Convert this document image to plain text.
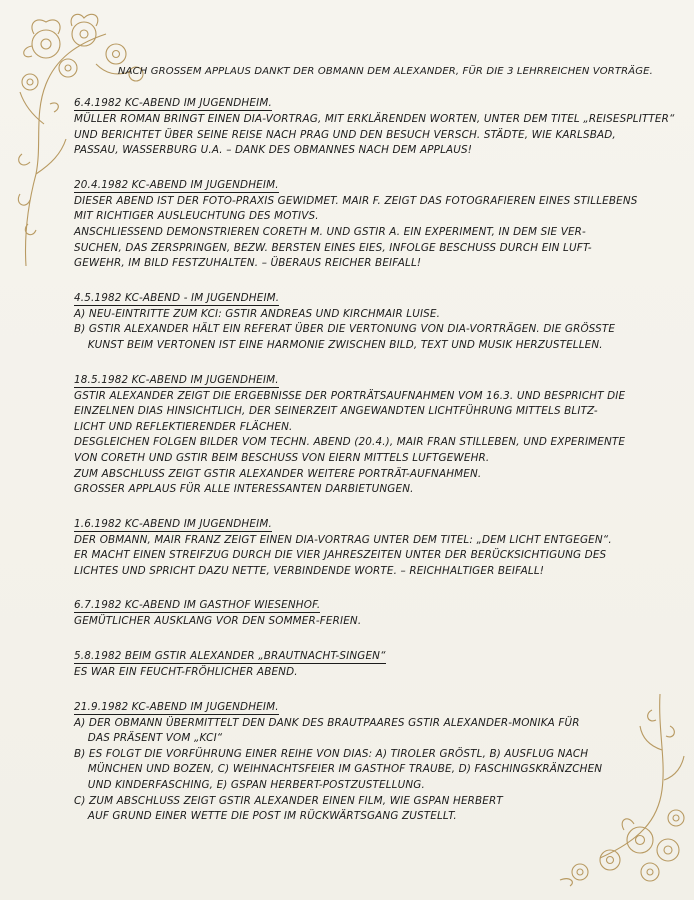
NACH GROSSEM APPLAUS DANKT DER OBMANN DEM ALEXANDER, FÜR DIE 3 LEHRREICHEN VORTRÄGE.
6.4.1982 KC-ABEND IM JUGENDHEIM.
MÜLLER ROMAN BRINGT EINEN DIA-VORTRAG, MIT ERKLÄRENDEN WORTEN, UNTER DEM TITEL „REISESPLITTER“
UND BERICHTET ÜBER SEINE REISE NACH PRAG UND DEN BESUCH VERSCH. STÄDTE, WIE KARLSBAD,
PASSAU, WASSERBURG U.A. – DANK DES OBMANNES NACH DEM APPLAUS!
20.4.1982 KC-ABEND IM JUGENDHEIM.
DIESER ABEND IST DER FOTO-PRAXIS GEWIDMET. MAIR F. ZEIGT DAS FOTOGRAFIEREN EINES STILLEBENS
MIT RICHTIGER AUSLEUCHTUNG DES MOTIVS.
ANSCHLIESSEND DEMONSTRIEREN CORETH M. UND GSTIR A. EIN EXPERIMENT, IN DEM SIE VER-
SUCHEN, DAS ZERSPRINGEN, BEZW. BERSTEN EINES EIES, INFOLGE BESCHUSS DURCH EIN LUFT-
GEWEHR, IM BILD FESTZUHALTEN. – ÜBERAUS REICHER BEIFALL!
4.5.1982 KC-ABEND - IM JUGENDHEIM.
A) NEU-EINTRITTE ZUM KCI: GSTIR ANDREAS UND KIRCHMAIR LUISE.
B) GSTIR ALEXANDER HÄLT EIN REFERAT ÜBER DIE VERTONUNG VON DIA-VORTRÄGEN. DIE GRÖSSTE
KUNST BEIM VERTONEN IST EINE HARMONIE ZWISCHEN BILD, TEXT UND MUSIK HERZUSTELLEN.
18.5.1982 KC-ABEND IM JUGENDHEIM.
GSTIR ALEXANDER ZEIGT DIE ERGEBNISSE DER PORTRÄTSAUFNAHMEN VOM 16.3. UND BESPRICHT DIE
EINZELNEN DIAS HINSICHTLICH, DER SEINERZEIT ANGEWANDTEN LICHTFÜHRUNG MITTELS BLITZ-
LICHT UND REFLEKTIERENDER FLÄCHEN.
DESGLEICHEN FOLGEN BILDER VOM TECHN. ABEND (20.4.), MAIR FRAN STILLEBEN, UND EXPERIMENTE
VON CORETH UND GSTIR BEIM BESCHUSS VON EIERN MITTELS LUFTGEWEHR.
ZUM ABSCHLUSS ZEIGT GSTIR ALEXANDER WEITERE PORTRÄT-AUFNAHMEN.
GROSSER APPLAUS FÜR ALLE INTERESSANTEN DARBIETUNGEN.
1.6.1982 KC-ABEND IM JUGENDHEIM.
DER OBMANN, MAIR FRANZ ZEIGT EINEN DIA-VORTRAG UNTER DEM TITEL: „DEM LICHT ENTGEGEN“.
ER MACHT EINEN STREIFZUG DURCH DIE VIER JAHRESZEITEN UNTER DER BERÜCKSICHTIGUNG DES
LICHTES UND SPRICHT DAZU NETTE, VERBINDENDE WORTE. – REICHHALTIGER BEIFALL!
6.7.1982 KC-ABEND IM GASTHOF WIESENHOF.
GEMÜTLICHER AUSKLANG VOR DEN SOMMER-FERIEN.
5.8.1982 BEIM GSTIR ALEXANDER „BRAUTNACHT-SINGEN“
ES WAR EIN FEUCHT-FRÖHLICHER ABEND.
21.9.1982 KC-ABEND IM JUGENDHEIM.
A) DER OBMANN ÜBERMITTELT DEN DANK DES BRAUTPAARES GSTIR ALEXANDER-MONIKA FÜR
DAS PRÄSENT VOM „KCI“
B) ES FOLGT DIE VORFÜHRUNG EINER REIHE VON DIAS: A) TIROLER GRÖSTL, B) AUSFLUG NACH
MÜNCHEN UND BOZEN, C) WEIHNACHTSFEIER IM GASTHOF TRAUBE, D) FASCHINGSKRÄNZCHEN
UND KINDERFASCHING, E) GSPAN HERBERT-POSTZUSTELLUNG.
C) ZUM ABSCHLUSS ZEIGT GSTIR ALEXANDER EINEN FILM, WIE GSPAN HERBERT
AUF GRUND EINER WETTE DIE POST IM RÜCKWÄRTSGANG ZUSTELLT.
